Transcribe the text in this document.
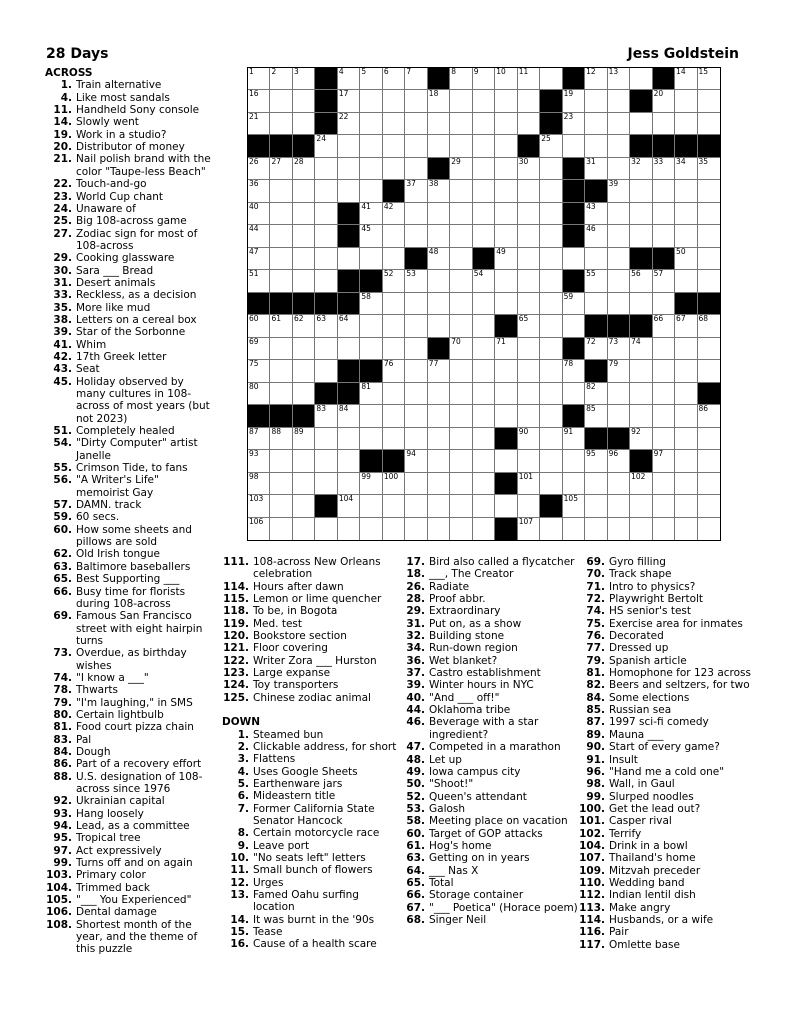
28 Days	Jess Goldstein
ACROSS
1. Train alternative
4. Like most sandals
11. Handheld Sony console
14. Slowly went
19. Work in a studio?
20. Distributor of money
21. Nail polish brand with the color "Taupe-less Beach"
22. Touch-and-go
23. World Cup chant
24. Unaware of
25. Big 108-across game
27. Zodiac sign for most of 108-across
29. Cooking glassware
30. Sara ___ Bread
31. Desert animals
33. Reckless, as a decision
35. More like mud
38. Letters on a cereal box
39. Star of the Sorbonne
41. Whim
42. 17th Greek letter
43. Seat
45. Holiday observed by many cultures in 108-across of most years (but not 2023)
51. Completely healed
54. "Dirty Computer" artist Janelle
55. Crimson Tide, to fans
56. "A Writer's Life" memoirist Gay
57. DAMN. track
59. 60 secs.
60. How some sheets and pillows are sold
62. Old Irish tongue
63. Baltimore baseballers
65. Best Supporting ___
66. Busy time for florists during 108-across
69. Famous San Francisco street with eight hairpin turns
73. Overdue, as birthday wishes
74. "I know a ___"
78. Thwarts
79. "I'm laughing," in SMS
80. Certain lightbulb
81. Food court pizza chain
83. Pal
84. Dough
86. Part of a recovery effort
88. U.S. designation of 108-across since 1976
92. Ukrainian capital
93. Hang loosely
94. Lead, as a committee
95. Tropical tree
97. Act expressively
99. Turns off and on again
103. Primary color
104. Trimmed back
105. "___ You Experienced"
106. Dental damage
108. Shortest month of the year, and the theme of this puzzle
1 2 3	4 5 6 7	8 9 10 11	12 13	14 15
16	17	18	19	20
21	22	23
24	25
26 27 28	29	30	31	32 33 34 35
36	37 38	39
40	41 42	43
44	45	46
47	48	49	50
51	52 53	54	55	56 57
58	59
60 61 62 63 64	65	66 67 68
69	70	71	72 73 74
75	76	77	78	79
80	81	82
83 84	85	86
87 88 89	90	91	92
93	94	95 96	97
98	99 100	101	102
103	104	105
106	107
111. 108-across New Orleans celebration
114. Hours after dawn
115. Lemon or lime quencher
118. To be, in Bogota
119. Med. test
120. Bookstore section
121. Floor covering
122. Writer Zora ___ Hurston
123. Large expanse
124. Toy transporters
125. Chinese zodiac animal
DOWN
1. Steamed bun
2. Clickable address, for short
3. Flattens
4. Uses Google Sheets
5. Earthenware jars
6. Mideastern title
7. Former California State Senator Hancock
8. Certain motorcycle race
9. Leave port
10. "No seats left" letters
11. Small bunch of flowers
12. Urges
13. Famed Oahu surfing location
14. It was burnt in the '90s
15. Tease
16. Cause of a health scare
17. Bird also called a flycatcher
18. ___, The Creator
26. Radiate
28. Proof abbr.
29. Extraordinary
31. Put on, as a show
32. Building stone
34. Run-down region
36. Wet blanket?
37. Castro establishment
39. Winter hours in NYC
40. "And ___ off!"
44. Oklahoma tribe
46. Beverage with a star ingredient?
47. Competed in a marathon
48. Let up
49. Iowa campus city
50. "Shoot!"
52. Queen's attendant
53. Galosh
58. Meeting place on vacation
60. Target of GOP attacks
61. Hog's home
63. Getting on in years
64. ___ Nas X
65. Total
66. Storage container
67. "___ Poetica" (Horace poem)
68. Singer Neil
69. Gyro filling
70. Track shape
71. Intro to physics?
72. Playwright Bertolt
74. HS senior's test
75. Exercise area for inmates
76. Decorated
77. Dressed up
79. Spanish article
81. Homophone for 123 across
82. Beers and seltzers, for two
84. Some elections
85. Russian sea
87. 1997 sci-fi comedy
89. Mauna ___
90. Start of every game?
91. Insult
96. "Hand me a cold one"
98. Wall, in Gaul
99. Slurped noodles
100. Get the lead out?
101. Casper rival
102. Terrify
104. Drink in a bowl
107. Thailand's home
109. Mitzvah preceder
110. Wedding band
112. Indian lentil dish
113. Make angry
114. Husbands, or a wife
116. Pair
117. Omlette base
